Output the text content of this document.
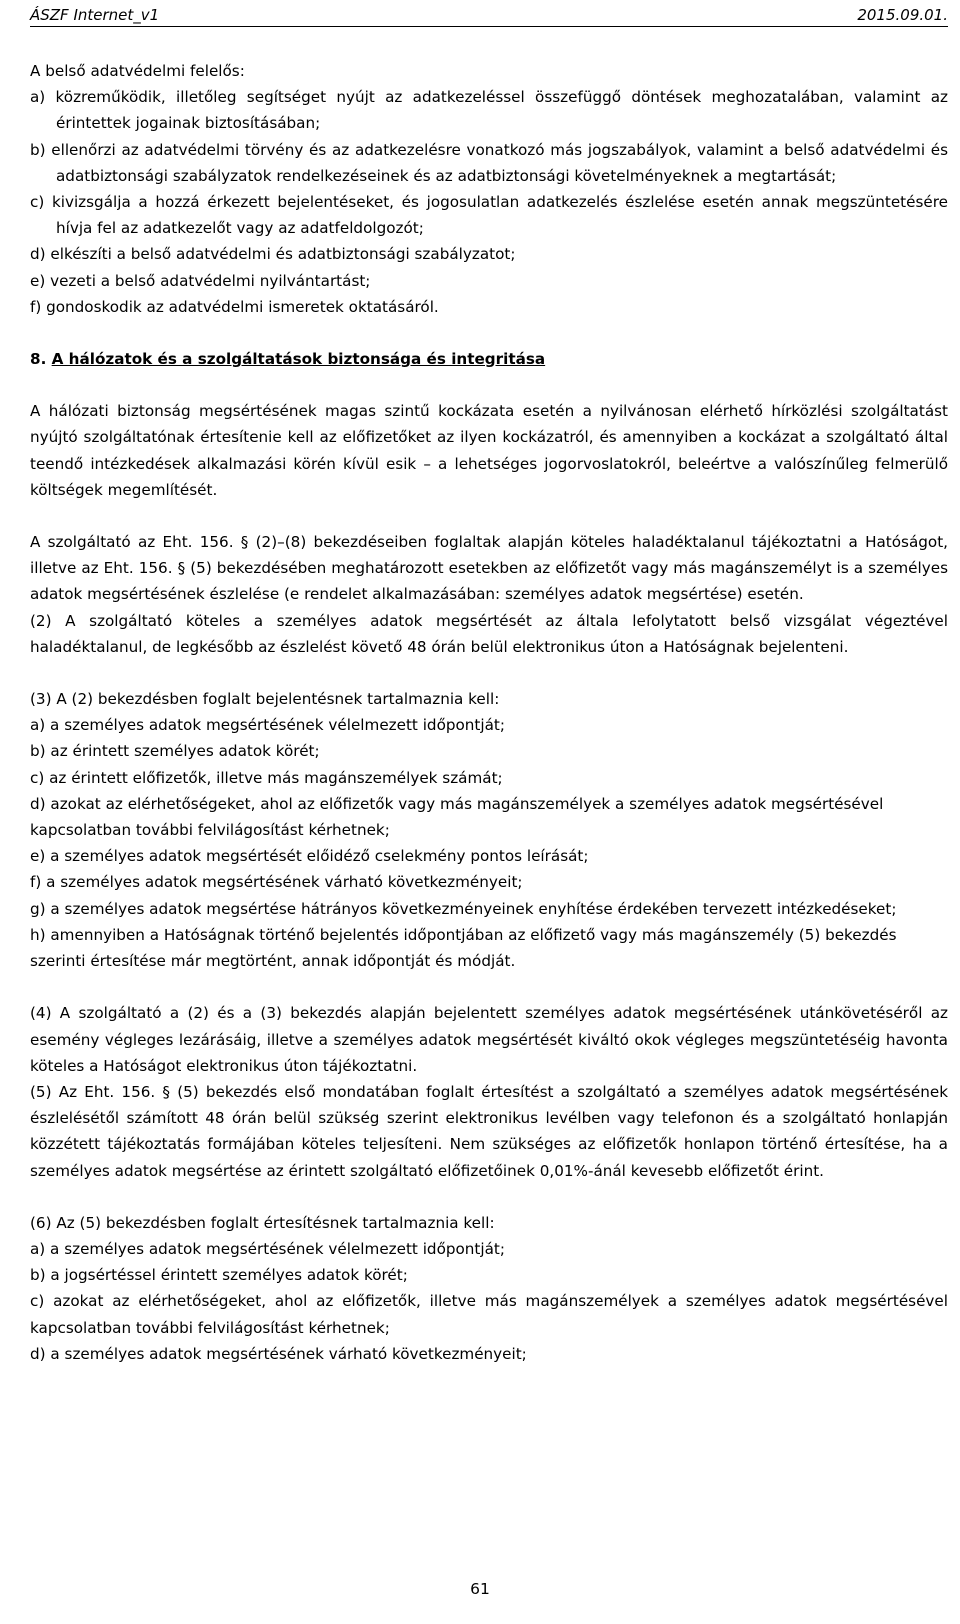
ÁSZF Internet_v1	2015.09.01.

A belső adatvédelmi felelős:

a) közreműködik, illetőleg segítséget nyújt az adatkezeléssel összefüggő döntések meghozatalában, valamint az érintettek jogainak biztosításában;

b) ellenőrzi az adatvédelmi törvény és az adatkezelésre vonatkozó más jogszabályok, valamint a belső adatvédelmi és adatbiztonsági szabályzatok rendelkezéseinek és az adatbiztonsági követelményeknek a megtartását;

c) kivizsgálja a hozzá érkezett bejelentéseket, és jogosulatlan adatkezelés észlelése esetén annak megszüntetésére hívja fel az adatkezelőt vagy az adatfeldolgozót;

d) elkészíti a belső adatvédelmi és adatbiztonsági szabályzatot;

e) vezeti a belső adatvédelmi nyilvántartást;

f) gondoskodik az adatvédelmi ismeretek oktatásáról.

8. A hálózatok és a szolgáltatások biztonsága és integritása

A hálózati biztonság megsértésének magas szintű kockázata esetén a nyilvánosan elérhető hírközlési szolgáltatást nyújtó szolgáltatónak értesítenie kell az előfizetőket az ilyen kockázatról, és amennyiben a kockázat a szolgáltató által teendő intézkedések alkalmazási körén kívül esik – a lehetséges jogorvoslatokról, beleértve a valószínűleg felmerülő költségek megemlítését.

A szolgáltató az Eht. 156. § (2)–(8) bekezdéseiben foglaltak alapján köteles haladéktalanul tájékoztatni a Hatóságot, illetve az Eht. 156. § (5) bekezdésében meghatározott esetekben az előfizetőt vagy más magánszemélyt is a személyes adatok megsértésének észlelése (e rendelet alkalmazásában: személyes adatok megsértése) esetén.

(2) A szolgáltató köteles a személyes adatok megsértését az általa lefolytatott belső vizsgálat végeztével haladéktalanul, de legkésőbb az észlelést követő 48 órán belül elektronikus úton a Hatóságnak bejelenteni.

(3) A (2) bekezdésben foglalt bejelentésnek tartalmaznia kell:

a) a személyes adatok megsértésének vélelmezett időpontját;

b) az érintett személyes adatok körét;

c) az érintett előfizetők, illetve más magánszemélyek számát;

d) azokat az elérhetőségeket, ahol az előfizetők vagy más magánszemélyek a személyes adatok megsértésével

kapcsolatban további felvilágosítást kérhetnek;

e) a személyes adatok megsértését előidéző cselekmény pontos leírását;

f) a személyes adatok megsértésének várható következményeit;

g) a személyes adatok megsértése hátrányos következményeinek enyhítése érdekében tervezett intézkedéseket;

h) amennyiben a Hatóságnak történő bejelentés időpontjában az előfizető vagy más magánszemély (5) bekezdés

szerinti értesítése már megtörtént, annak időpontját és módját.

(4) A szolgáltató a (2) és a (3) bekezdés alapján bejelentett személyes adatok megsértésének utánkövetéséről az esemény végleges lezárásáig, illetve a személyes adatok megsértését kiváltó okok végleges megszüntetéséig havonta köteles a Hatóságot elektronikus úton tájékoztatni.

(5) Az Eht. 156. § (5) bekezdés első mondatában foglalt értesítést a szolgáltató a személyes adatok megsértésének észlelésétől számított 48 órán belül szükség szerint elektronikus levélben vagy telefonon és a szolgáltató honlapján közzétett tájékoztatás formájában köteles teljesíteni. Nem szükséges az előfizetők honlapon történő értesítése, ha a személyes adatok megsértése az érintett szolgáltató előfizetőinek 0,01%-ánál kevesebb előfizetőt érint.

(6) Az (5) bekezdésben foglalt értesítésnek tartalmaznia kell:

a) a személyes adatok megsértésének vélelmezett időpontját;

b) a jogsértéssel érintett személyes adatok körét;

c) azokat az elérhetőségeket, ahol az előfizetők, illetve más magánszemélyek a személyes adatok megsértésével kapcsolatban további felvilágosítást kérhetnek;

d) a személyes adatok megsértésének várható következményeit;

61
